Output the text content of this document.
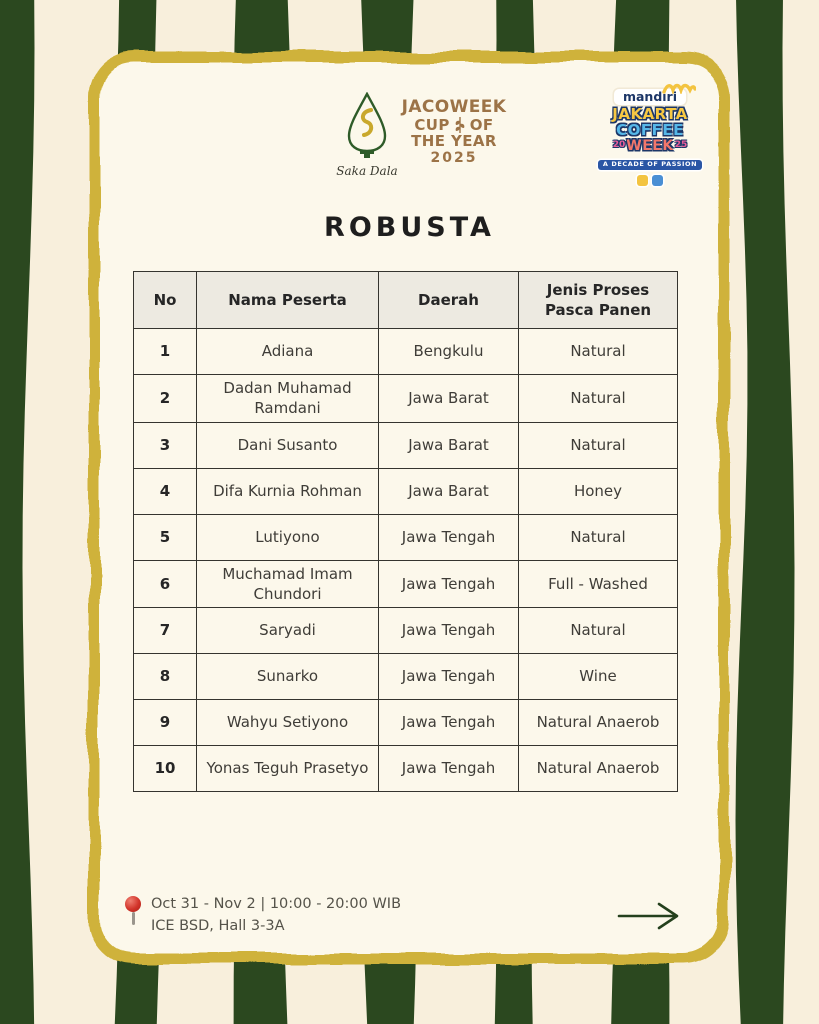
Saka Dala
JACOWEEK
CUP OF
THE YEAR
2025
mandiri
JAKARTA
COFFEE
20 WEEK 25
A DECADE OF PASSION
ROBUSTA
No	Nama Peserta	Daerah	Jenis Proses Pasca Panen
1	Adiana	Bengkulu	Natural
2	Dadan Muhamad Ramdani	Jawa Barat	Natural
3	Dani Susanto	Jawa Barat	Natural
4	Difa Kurnia Rohman	Jawa Barat	Honey
5	Lutiyono	Jawa Tengah	Natural
6	Muchamad Imam Chundori	Jawa Tengah	Full - Washed
7	Saryadi	Jawa Tengah	Natural
8	Sunarko	Jawa Tengah	Wine
9	Wahyu Setiyono	Jawa Tengah	Natural Anaerob
10	Yonas Teguh Prasetyo	Jawa Tengah	Natural Anaerob
Oct 31 - Nov 2 | 10:00 - 20:00 WIB
ICE BSD, Hall 3-3A
